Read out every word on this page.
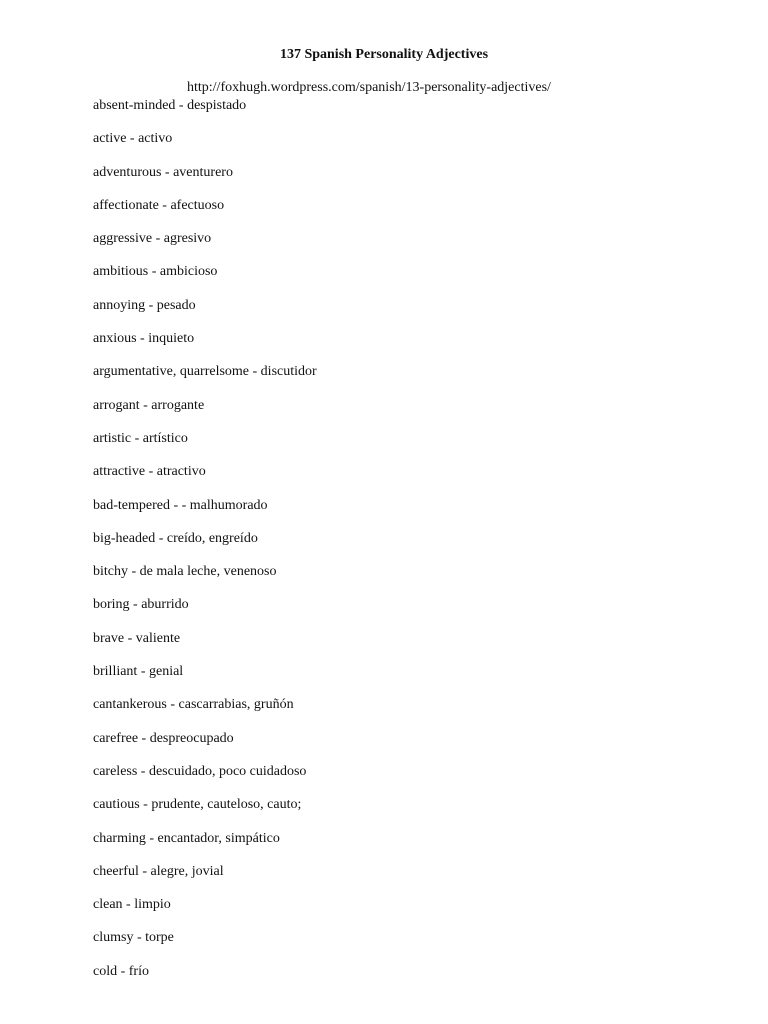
137 Spanish Personality Adjectives
http://foxhugh.wordpress.com/spanish/13-personality-adjectives/
absent-minded - despistado
active - activo
adventurous - aventurero
affectionate - afectuoso
aggressive - agresivo
ambitious - ambicioso
annoying - pesado
anxious - inquieto
argumentative, quarrelsome - discutidor
arrogant - arrogante
artistic - artístico
attractive - atractivo
bad-tempered - - malhumorado
big-headed - creído, engreído
bitchy - de mala leche, venenoso
boring - aburrido
brave - valiente
brilliant - genial
cantankerous - cascarrabias, gruñón
carefree - despreocupado
careless - descuidado, poco cuidadoso
cautious - prudente, cauteloso, cauto;
charming - encantador, simpático
cheerful - alegre, jovial
clean - limpio
clumsy - torpe
cold - frío
